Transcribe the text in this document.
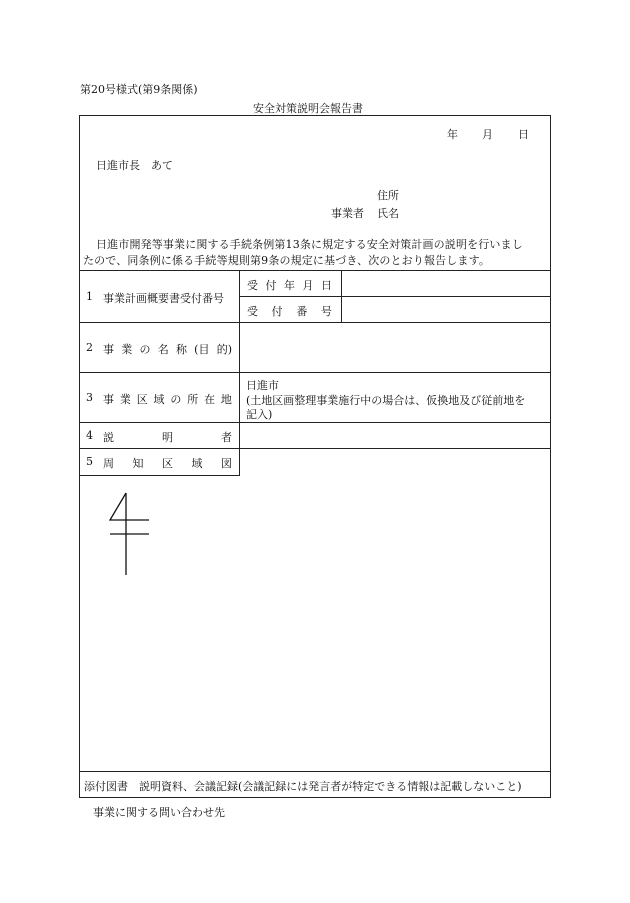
第20号様式(第9条関係)
安全対策説明会報告書
年 月 日
日進市長　あて
住所
事業者 氏名
日進市開発等事業に関する手続条例第13条に規定する安全対策計画の説明を行いまし
たので、同条例に係る手続等規則第9条の規定に基づき、次のとおり報告します。
1 事業計画概要書受付番号
受 付 年 月 日
受 付 番 号
2 事 業 の 名 称 (目 的)
3 事 業 区 域 の 所 在 地
日進市
(土地区画整理事業施行中の場合は、仮換地及び従前地を
記入)
4 説	明	者
5 周 知 区 域 図
添付図書　説明資料、会議記録(会議記録には発言者が特定できる情報は記載しないこと)
事業に関する問い合わせ先
